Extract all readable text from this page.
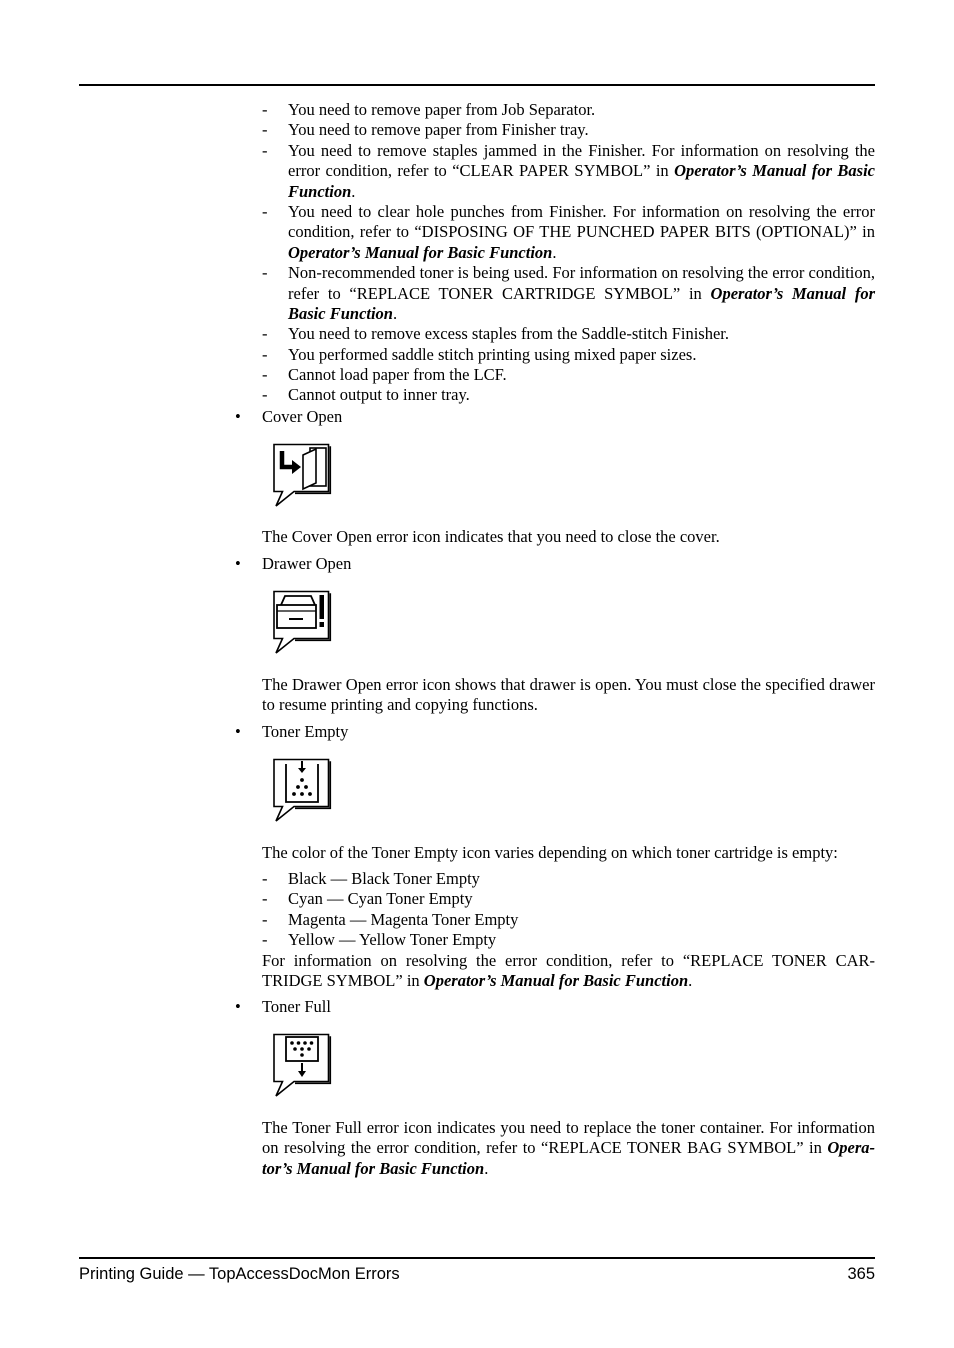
- You need to remove paper from Job Separator.
- You need to remove paper from Finisher tray.
- You need to remove staples jammed in the Finisher. For information on resolving the
error condition, refer to “CLEAR PAPER SYMBOL” in Operator’s Manual for Basic
Function.
- You need to clear hole punches from Finisher. For information on resolving the error
condition, refer to “DISPOSING OF THE PUNCHED PAPER BITS (OPTIONAL)” in
Operator’s Manual for Basic Function.
- Non-recommended toner is being used. For information on resolving the error condition,
refer to “REPLACE TONER CARTRIDGE SYMBOL” in Operator’s Manual for
Basic Function.
- You need to remove excess staples from the Saddle-stitch Finisher.
- You performed saddle stitch printing using mixed paper sizes.
- Cannot load paper from the LCF.
- Cannot output to inner tray.
• Cover Open
The Cover Open error icon indicates that you need to close the cover.
• Drawer Open
The Drawer Open error icon shows that drawer is open. You must close the specified drawer
to resume printing and copying functions.
• Toner Empty
The color of the Toner Empty icon varies depending on which toner cartridge is empty:
- Black — Black Toner Empty
- Cyan — Cyan Toner Empty
- Magenta — Magenta Toner Empty
- Yellow — Yellow Toner Empty
For information on resolving the error condition, refer to “REPLACE TONER CAR-
TRIDGE SYMBOL” in Operator’s Manual for Basic Function.
• Toner Full
The Toner Full error icon indicates you need to replace the toner container. For information
on resolving the error condition, refer to “REPLACE TONER BAG SYMBOL” in Opera-
tor’s Manual for Basic Function.
Printing Guide — TopAccessDocMon Errors	365
